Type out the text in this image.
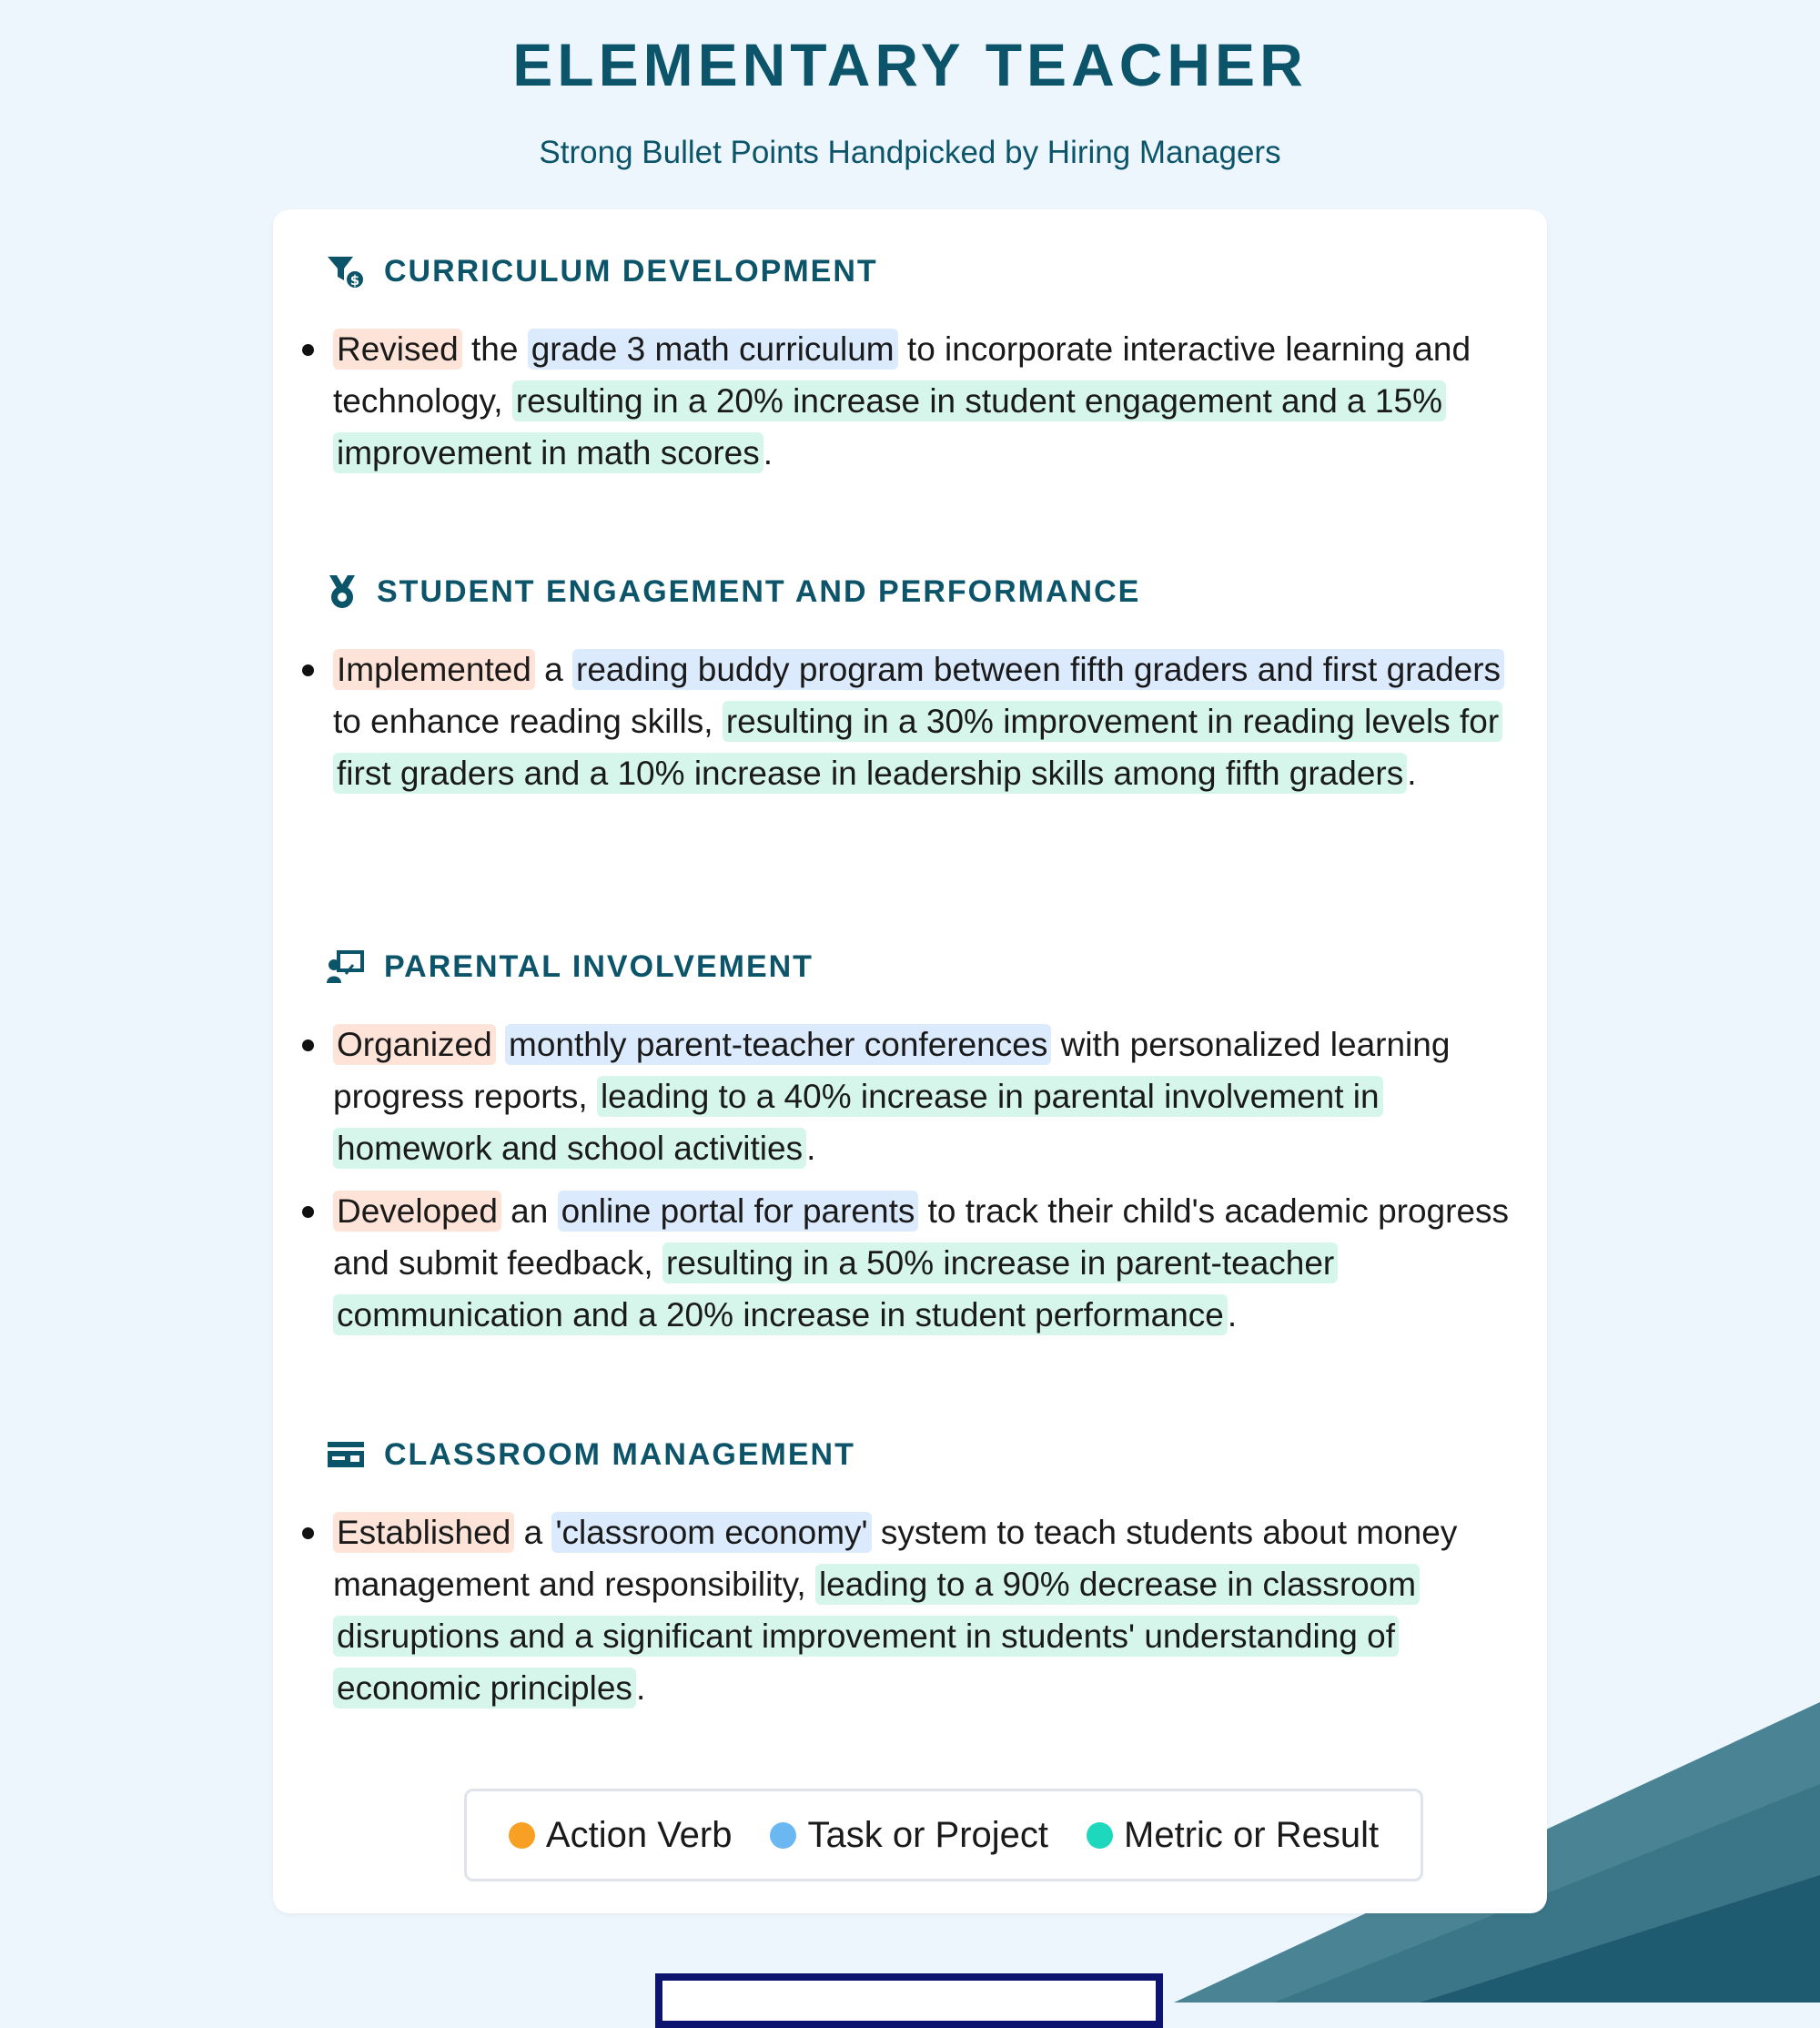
ELEMENTARY TEACHER
Strong Bullet Points Handpicked by Hiring Managers
$ CURRICULUM DEVELOPMENT
Revised the grade 3 math curriculum to incorporate interactive learning and technology, resulting in a 20% increase in student engagement and a 15% improvement in math scores .
STUDENT ENGAGEMENT AND PERFORMANCE
Implemented a reading buddy program between fifth graders and first graders to enhance reading skills, resulting in a 30% improvement in reading levels for first graders and a 10% increase in leadership skills among fifth graders .
PARENTAL INVOLVEMENT
Organized monthly parent-teacher conferences with personalized learning progress reports, leading to a 40% increase in parental involvement in homework and school activities .
Developed an online portal for parents to track their child's academic progress and submit feedback, resulting in a 50% increase in parent-teacher communication and a 20% increase in student performance .
CLASSROOM MANAGEMENT
Established a 'classroom economy' system to teach students about money management and responsibility, leading to a 90% decrease in classroom disruptions and a significant improvement in students' understanding of economic principles .
Action Verb Task or Project Metric or Result
